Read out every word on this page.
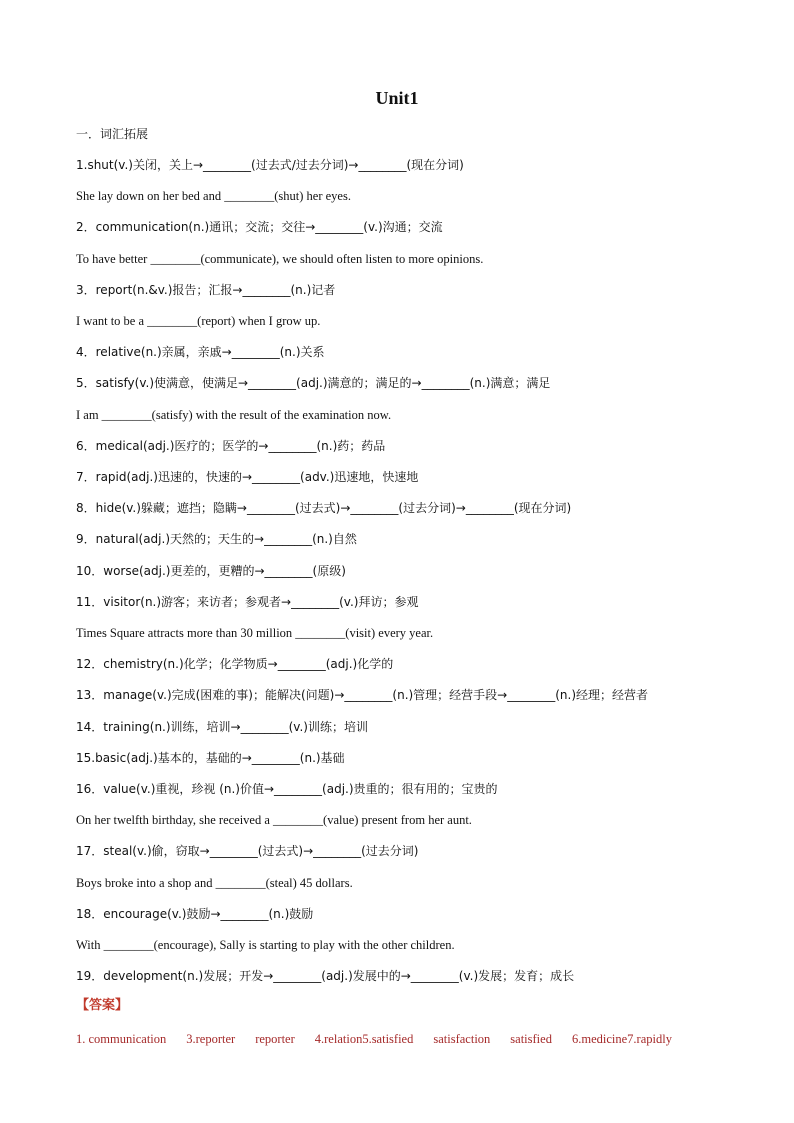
Unit1
一．词汇拓展
1.shut(v.)关闭，关上→________(过去式/过去分词)→________(现在分词)
She lay down on her bed and ________(shut) her eyes.
2．communication(n.)通讯；交流；交往→________(v.)沟通；交流
To have better ________(communicate), we should often listen to more opinions.
3．report(n.&v.)报告；汇报→________(n.)记者
I want to be a ________(report) when I grow up.
4．relative(n.)亲属，亲戚→________(n.)关系
5．satisfy(v.)使满意，使满足→________(adj.)满意的；满足的→________(n.)满意；满足
I am ________(satisfy) with the result of the examination now.
6．medical(adj.)医疗的；医学的→________(n.)药；药品
7．rapid(adj.)迅速的，快速的→________(adv.)迅速地，快速地
8．hide(v.)躲藏；遮挡；隐瞒→________(过去式)→________(过去分词)→________(现在分词)
9．natural(adj.)天然的；天生的→________(n.)自然
10．worse(adj.)更差的，更糟的→________(原级)
11．visitor(n.)游客；来访者；参观者→________(v.)拜访；参观
Times Square attracts more than 30 million ________(visit) every year.
12．chemistry(n.)化学；化学物质→________(adj.)化学的
13．manage(v.)完成(困难的事)；能解决(问题)→________(n.)管理；经营手段→________(n.)经理；经营者
14．training(n.)训练，培训→________(v.)训练；培训
15.basic(adj.)基本的，基础的→________(n.)基础
16．value(v.)重视，珍视 (n.)价值→________(adj.)贵重的；很有用的；宝贵的
On her twelfth birthday, she received a ________(value) present from her aunt.
17．steal(v.)偷，窃取→________(过去式)→________(过去分词)
Boys broke into a shop and ________(steal) 45 dollars.
18．encourage(v.)鼓励→________(n.)鼓励
With ________(encourage), Sally is starting to play with the other children.
19．development(n.)发展；开发→________(adj.)发展中的→________(v.)发展；发育；成长
【答案】
1. communication 3.reporter reporter 4.relation5.satisfied satisfaction satisfied 6.medicine7.rapidly
